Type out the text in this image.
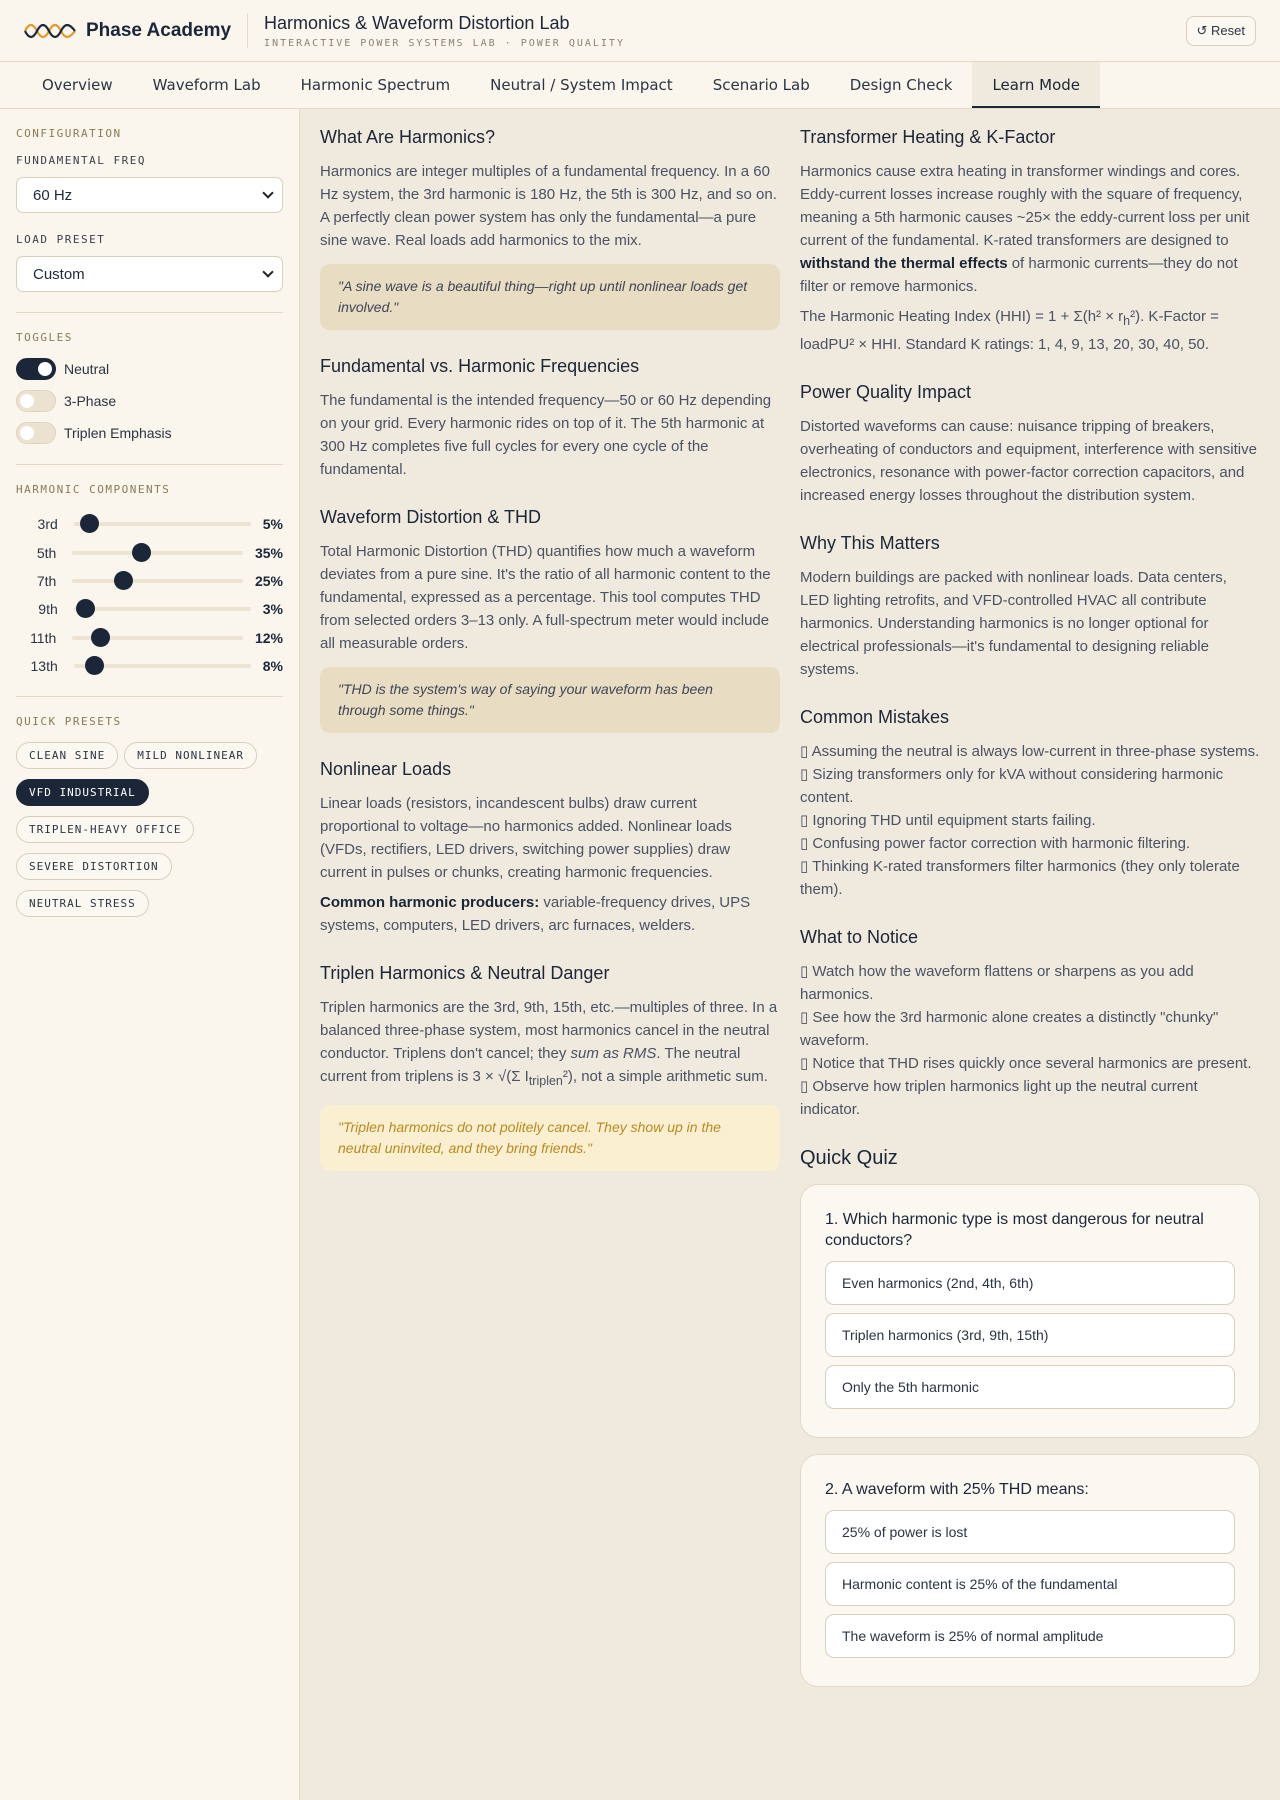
Phase Academy Harmonics & Waveform Distortion Lab
INTERACTIVE POWER SYSTEMS LAB · POWER QUALITY
↺ Reset
Overview	Waveform Lab	Harmonic Spectrum	Neutral / System Impact	Scenario Lab	Design Check	Learn Mode
CONFIGURATION
FUNDAMENTAL FREQ
60 Hz
LOAD PRESET
Custom
TOGGLES
Neutral
3-Phase
Triplen Emphasis
HARMONIC COMPONENTS
3rd	5%
5th	35%
7th	25%
9th	3%
11th	12%
13th	8%
QUICK PRESETS
CLEAN SINE	MILD NONLINEAR
VFD INDUSTRIAL
TRIPLEN-HEAVY OFFICE
SEVERE DISTORTION
NEUTRAL STRESS
What Are Harmonics?

Harmonics are integer multiples of a fundamental frequency. In a 60 Hz system, the 3rd harmonic is 180 Hz, the 5th is 300 Hz, and so on. A perfectly clean power system has only the fundamental—a pure sine wave. Real loads add harmonics to the mix.

"A sine wave is a beautiful thing—right up until nonlinear loads get involved."
Fundamental vs. Harmonic Frequencies

The fundamental is the intended frequency—50 or 60 Hz depending on your grid. Every harmonic rides on top of it. The 5th harmonic at 300 Hz completes five full cycles for every one cycle of the fundamental.

Waveform Distortion & THD

Total Harmonic Distortion (THD) quantifies how much a waveform deviates from a pure sine. It's the ratio of all harmonic content to the fundamental, expressed as a percentage. This tool computes THD from selected orders 3–13 only. A full-spectrum meter would include all measurable orders.

"THD is the system's way of saying your waveform has been through some things."
Nonlinear Loads

Linear loads (resistors, incandescent bulbs) draw current proportional to voltage—no harmonics added. Nonlinear loads (VFDs, rectifiers, LED drivers, switching power supplies) draw current in pulses or chunks, creating harmonic frequencies.

Common harmonic producers: variable-frequency drives, UPS systems, computers, LED drivers, arc furnaces, welders.

Triplen Harmonics & Neutral Danger

Triplen harmonics are the 3rd, 9th, 15th, etc.—multiples of three. In a balanced three-phase system, most harmonics cancel in the neutral conductor. Triplens don't cancel; they sum as RMS. The neutral current from triplens is 3 × √(Σ $I_{triplen}^2$), not a simple arithmetic sum.

"Triplen harmonics do not politely cancel. They show up in the neutral uninvited, and they bring friends."
Transformer Heating & K-Factor

Harmonics cause extra heating in transformer windings and cores. Eddy-current losses increase roughly with the square of frequency, meaning a 5th harmonic causes ~25× the eddy-current loss per unit current of the fundamental. K-rated transformers are designed to withstand the thermal effects of harmonic currents—they do not filter or remove harmonics.

The Harmonic Heating Index $(HHI) = 1 + \Sigma(h^2 \times r_h^2)$. K-Factor = loadPU² × HHI. Standard K ratings: 1, 4, 9, 13, 20, 30, 40, 50.

Power Quality Impact

Distorted waveforms can cause: nuisance tripping of breakers, overheating of conductors and equipment, interference with sensitive electronics, resonance with power-factor correction capacitors, and increased energy losses throughout the distribution system.

Why This Matters

Modern buildings are packed with nonlinear loads. Data centers, LED lighting retrofits, and VFD-controlled HVAC all contribute harmonics. Understanding harmonics is no longer optional for electrical professionals—it's fundamental to designing reliable systems.

Common Mistakes
▯ Assuming the neutral is always low-current in three-phase systems.
▯ Sizing transformers only for kVA without considering harmonic content.
▯ Ignoring THD until equipment starts failing.
▯ Confusing power factor correction with harmonic filtering.
▯ Thinking K-rated transformers filter harmonics (they only tolerate them).
What to Notice
▯ Watch how the waveform flattens or sharpens as you add harmonics.
▯ See how the 3rd harmonic alone creates a distinctly "chunky" waveform.
▯ Notice that THD rises quickly once several harmonics are present.
▯ Observe how triplen harmonics light up the neutral current indicator.
Quick Quiz
1. Which harmonic type is most dangerous for neutral conductors?
Even harmonics (2nd, 4th, 6th)
Triplen harmonics (3rd, 9th, 15th)
Only the 5th harmonic
2. A waveform with 25% THD means:
25% of power is lost
Harmonic content is 25% of the fundamental
The waveform is 25% of normal amplitude
